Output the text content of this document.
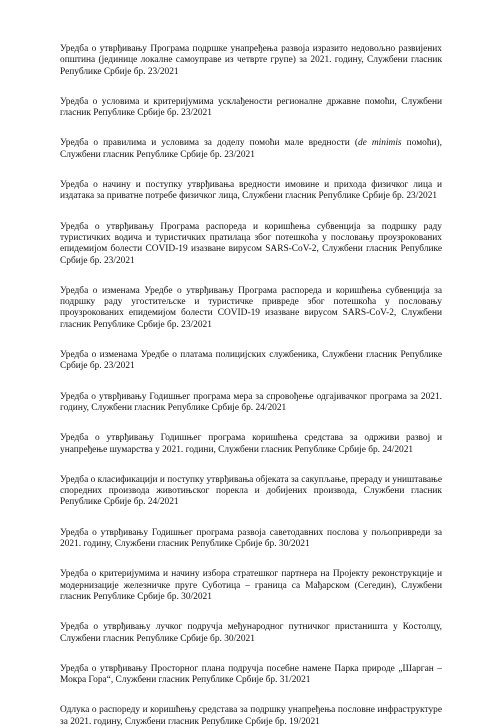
Уредба о утврђивању Програма подршке унапређења развоја изразито недовољно развијених општина (јединице локалне самоуправе из четврте групе) за 2021. годину, Службени гласник Републике Србије бр. 23/2021

Уредба о условима и критеријумима усклађености регионалне државне помоћи, Службени гласник Републике Србије бр. 23/2021

Уредба о правилима и условима за доделу помоћи мале вредности (de minimis помоћи), Службени гласник Републике Србије бр. 23/2021

Уредба о начину и поступку утврђивања вредности имовине и прихода физичког лица и издатака за приватне потребе физичког лица, Службени гласник Републике Србије бр. 23/2021

Уредба о утврђивању Програма распореда и коришћења субвенција за подршку раду туристичких водича и туристичких пратилаца због потешкоћа у пословању проузрокованих епидемијом болести COVID-19 изазване вирусом SARS-CoV-2, Службени гласник Републике Србије бр. 23/2021

Уредба о изменама Уредбе о утврђивању Програма распореда и коришћења субвенција за подршку раду угоститељске и туристичке привреде због потешкоћа у пословању проузрокованих епидемијом болести COVID-19 изазване вирусом SARS-CoV-2, Службени гласник Републике Србије бр. 23/2021

Уредба о изменама Уредбе о платама полицијских службеника, Службени гласник Републике Србије бр. 23/2021

Уредба о утврђивању Годишњег програма мера за спровођење одгајивачког програма за 2021. годину, Службени гласник Републике Србије бр. 24/2021

Уредба о утврђивању Годишњег програма коришћења средстава за одрживи развој и унапређење шумарства у 2021. години, Службени гласник Републике Србије бр. 24/2021

Уредба о класификацији и поступку утврђивања објеката за сакупљање, прераду и уништавање споредних производа животињског порекла и добијених производа, Службени гласник Републике Србије бр. 24/2021

Уредба о утврђивању Годишњег програма развоја саветодавних послова у пољопривреди за 2021. годину, Службени гласник Републике Србије бр. 30/2021

Уредба о критеријумима и начину избора стратешког партнера на Пројекту реконструкције и модернизације железничке пруге Суботица – граница са Мађарском (Сегедин), Службени гласник Републике Србије бр. 30/2021

Уредба о утврђивању лучког подручја међународног путничког пристаништа у Костолцу, Службени гласник Републике Србије бр. 30/2021

Уредба о утврђивању Просторног плана подручја посебне намене Парка природе „Шарган – Мокра Гора“, Службени гласник Републике Србије бр. 31/2021

Одлука о распореду и коришћењу средстава за подршку унапређења пословне инфраструктуре за 2021. годину, Службени гласник Републике Србије бр. 19/2021
